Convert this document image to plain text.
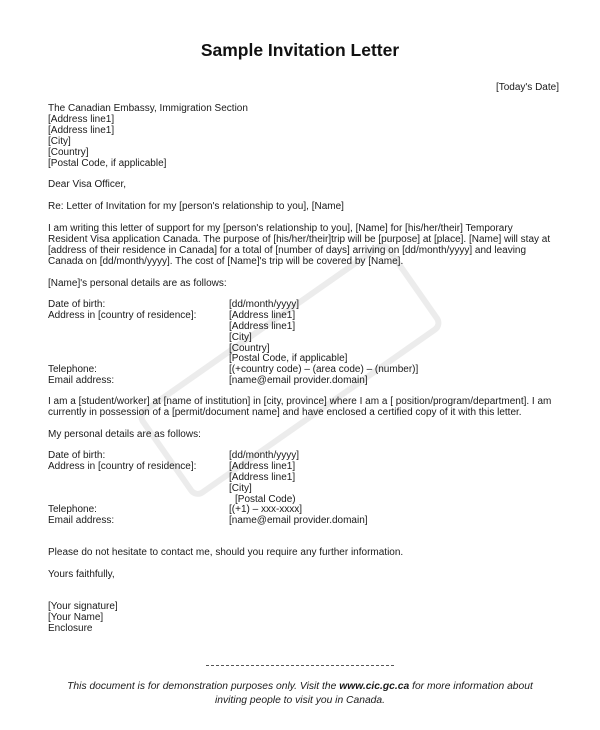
Sample Invitation Letter
[Today's Date]
The Canadian Embassy, Immigration Section
[Address line1]
[Address line1]
[City]
[Country]
[Postal Code, if applicable]
Dear Visa Officer,
Re: Letter of Invitation for my [person's relationship to you], [Name]
I am writing this letter of support for my [person's relationship to you], [Name] for [his/her/their] Temporary
Resident Visa application Canada. The purpose of [his/her/their]trip will be [purpose] at [place]. [Name] will stay at
[address of their residence in Canada] for a total of [number of days] arriving on [dd/month/yyyy] and leaving
Canada on [dd/month/yyyy]. The cost of [Name]'s trip will be covered by [Name].
[Name]'s personal details are as follows:
Date of birth:	[dd/month/yyyy]
Address in [country of residence]:	[Address line1]
[Address line1]
[City]
[Country]
[Postal Code, if applicable]
Telephone:	[(+country code) – (area code) – (number)]
Email address:	[name@email provider.domain]
I am a [student/worker] at [name of institution] in [city, province] where I am a [ position/program/department]. I am
currently in possession of a [permit/document name] and have enclosed a certified copy of it with this letter.
My personal details are as follows:
Date of birth:	[dd/month/yyyy]
Address in [country of residence]:	[Address line1]
[Address line1]
[City]
[Postal Code)
Telephone:	[(+1) – xxx-xxxx]
Email address:	[name@email provider.domain]
Please do not hesitate to contact me, should you require any further information.
Yours faithfully,
[Your signature]
[Your Name]
Enclosure
This document is for demonstration purposes only. Visit the www.cic.gc.ca for more information about
inviting people to visit you in Canada.
